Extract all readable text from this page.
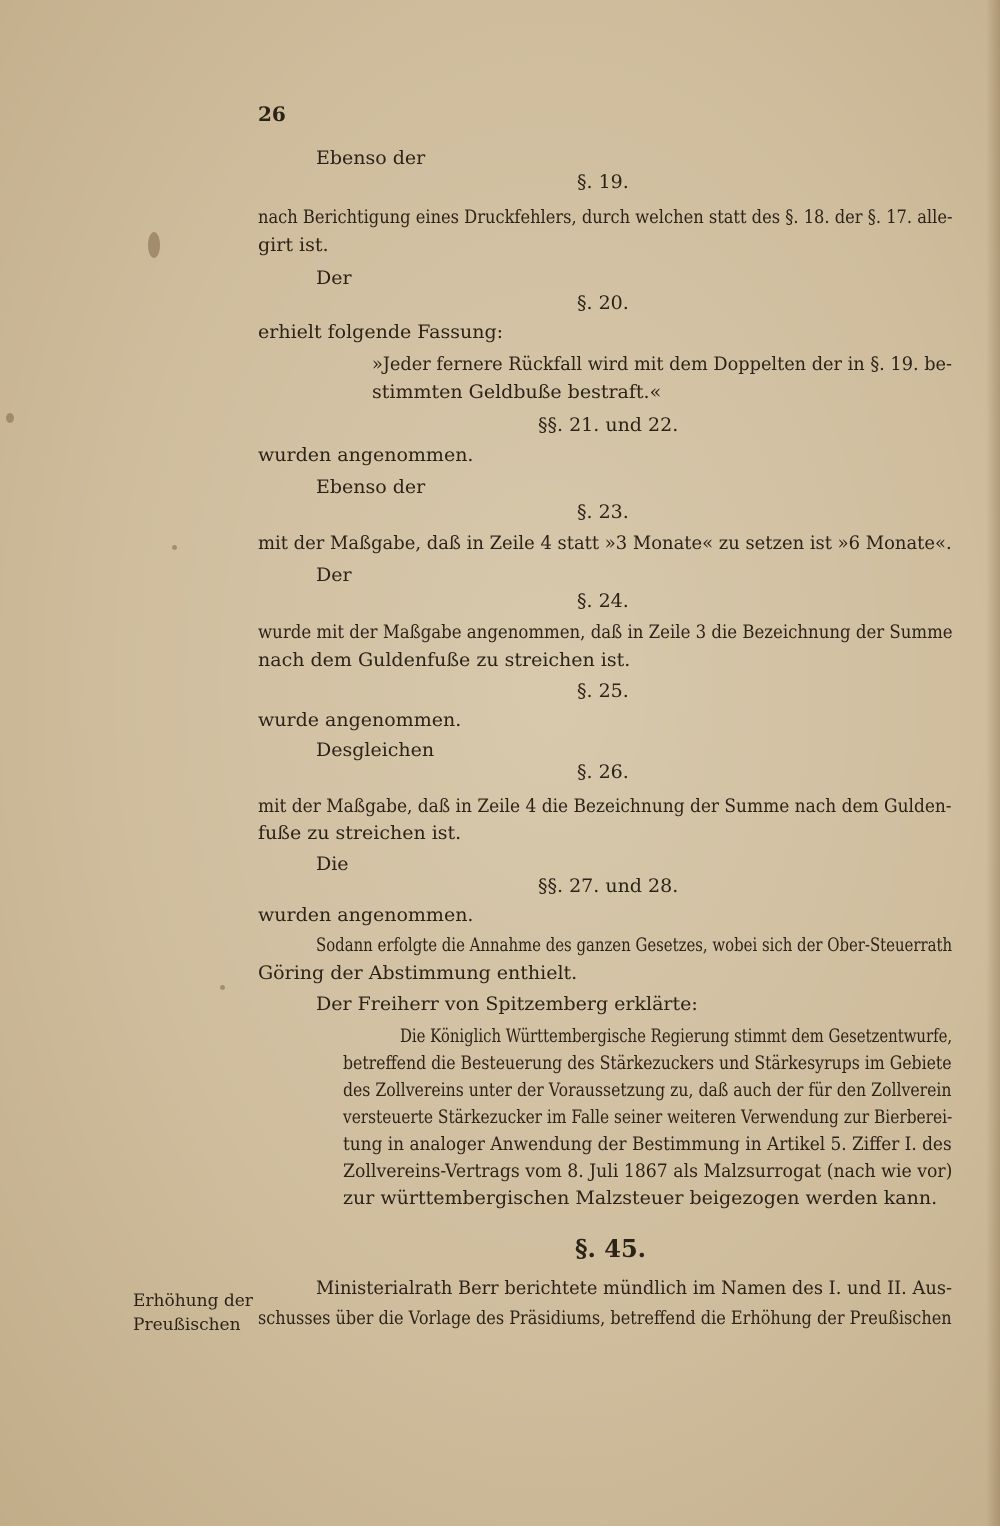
26

Ebenso der

§. 19.

nach Berichtigung eines Druckfehlers, durch welchen statt des §. 18. der §. 17. alle-

girt ist.

Der

§. 20.

erhielt folgende Fassung:

»Jeder fernere Rückfall wird mit dem Doppelten der in §. 19. be-

stimmten Geldbuße bestraft.«

§§. 21. und 22.

wurden angenommen.

Ebenso der

§. 23.

mit der Maßgabe, daß in Zeile 4 statt »3 Monate« zu setzen ist »6 Monate«.

Der

§. 24.

wurde mit der Maßgabe angenommen, daß in Zeile 3 die Bezeichnung der Summe

nach dem Guldenfuße zu streichen ist.

§. 25.

wurde angenommen.

Desgleichen

§. 26.

mit der Maßgabe, daß in Zeile 4 die Bezeichnung der Summe nach dem Gulden-

fuße zu streichen ist.

Die

§§. 27. und 28.

wurden angenommen.

Sodann erfolgte die Annahme des ganzen Gesetzes, wobei sich der Ober-Steuerrath

Göring der Abstimmung enthielt.

Der Freiherr von Spitzemberg erklärte:

Die Königlich Württembergische Regierung stimmt dem Gesetzentwurfe,

betreffend die Besteuerung des Stärkezuckers und Stärkesyrups im Gebiete

des Zollvereins unter der Voraussetzung zu, daß auch der für den Zollverein

versteuerte Stärkezucker im Falle seiner weiteren Verwendung zur Bierberei-

tung in analoger Anwendung der Bestimmung in Artikel 5. Ziffer I. des

Zollvereins-Vertrags vom 8. Juli 1867 als Malzsurrogat (nach wie vor)

zur württembergischen Malzsteuer beigezogen werden kann.

§. 45.

Ministerialrath Berr berichtete mündlich im Namen des I. und II. Aus-

schusses über die Vorlage des Präsidiums, betreffend die Erhöhung der Preußischen

Erhöhung der

Preußischen
